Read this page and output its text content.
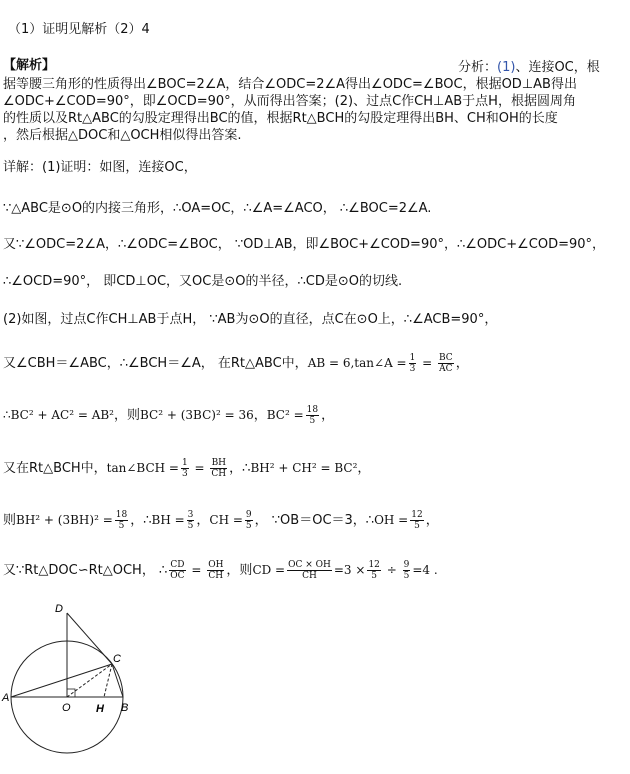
（1）证明见解析（2）4
【解析】	分析：(1)、连接OC，根
据等腰三角形的性质得出∠BOC=2∠A，结合∠ODC=2∠A得出∠ODC=∠BOC，根据OD⊥AB得出
∠ODC+∠COD=90°，即∠OCD=90°，从而得出答案；(2)、过点C作CH⊥AB于点H，根据圆周角
的性质以及Rt△ABC的勾股定理得出BC的值，根据Rt△BCH的勾股定理得出BH、CH和OH的长度
，然后根据△DOC和△OCH相似得出答案.
详解：(1)证明：如图，连接OC，
∵△ABC是⊙O的内接三角形，∴OA=OC，∴∠A=∠ACO， ∴∠BOC=2∠A.
又∵∠ODC=2∠A，∴∠ODC=∠BOC， ∵OD⊥AB，即∠BOC+∠COD=90°，∴∠ODC+∠COD=90°，
∴∠OCD=90°， 即CD⊥OC，又OC是⊙O的半径，∴CD是⊙O的切线.
(2)如图，过点C作CH⊥AB于点H， ∵AB为⊙O的直径，点C在⊙O上，∴∠ACB=90°，
又∠CBH＝∠ABC，∴∠BCH＝∠A， 在Rt△ABC中，AB = 6,tan∠A = $\frac{1}{3} = \frac{BC}{AC}$ ，
∴BC² + AC² = AB²，则BC² + (3BC)² = 36，$BC^2 = \frac{18}{5}$ ，
又在Rt△BCH中，tan∠BCH = $\frac{1}{3} = \frac{BH}{CH}$ ，∴BH² + CH² = BC²，
则$BH^2 + (3BH)^2 = \frac{18}{5}$ ，∴BH = $\frac{3}{5}$ ，CH = $\frac{9}{5}$ ， ∵OB＝OC＝3，∴OH = $\frac{12}{5}$ ，
又∵Rt△DOC∽Rt△OCH， ∴ $\frac{CD}{OC} = \frac{OH}{CH}$ ，则CD = $\frac{OC \times OH}{CH} =3 \times \frac{12}{5} \div \frac{9}{5} =4$ .
D
C
A
O H B
